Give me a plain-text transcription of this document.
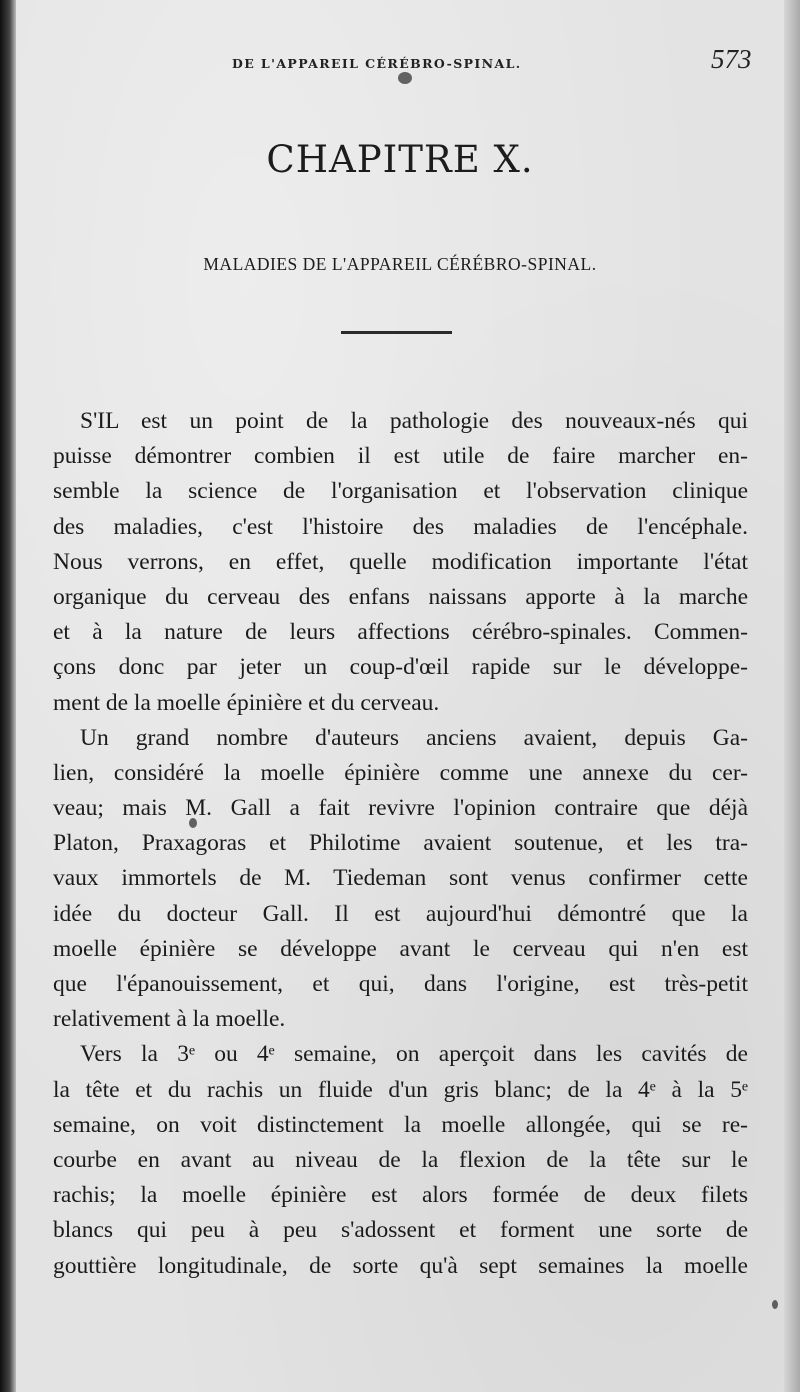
DE L'APPAREIL CÉRÉBRO-SPINAL.	573
CHAPITRE X.
MALADIES DE L'APPAREIL CÉRÉBRO-SPINAL.
S'IL est un point de la pathologie des nouveaux-nés qui
puisse démontrer combien il est utile de faire marcher en-
semble la science de l'organisation et l'observation clinique
des maladies, c'est l'histoire des maladies de l'encéphale.
Nous verrons, en effet, quelle modification importante l'état
organique du cerveau des enfans naissans apporte à la marche
et à la nature de leurs affections cérébro-spinales. Commen-
çons donc par jeter un coup-d'œil rapide sur le développe-
ment de la moelle épinière et du cerveau.
Un grand nombre d'auteurs anciens avaient, depuis Ga-
lien, considéré la moelle épinière comme une annexe du cer-
veau; mais M. Gall a fait revivre l'opinion contraire que déjà
Platon, Praxagoras et Philotime avaient soutenue, et les tra-
vaux immortels de M. Tiedeman sont venus confirmer cette
idée du docteur Gall. Il est aujourd'hui démontré que la
moelle épinière se développe avant le cerveau qui n'en est
que l'épanouissement, et qui, dans l'origine, est très-petit
relativement à la moelle.
Vers la 3ᵉ ou 4ᵉ semaine, on aperçoit dans les cavités de
la tête et du rachis un fluide d'un gris blanc; de la 4ᵉ à la 5ᵉ
semaine, on voit distinctement la moelle allongée, qui se re-
courbe en avant au niveau de la flexion de la tête sur le
rachis; la moelle épinière est alors formée de deux filets
blancs qui peu à peu s'adossent et forment une sorte de
gouttière longitudinale, de sorte qu'à sept semaines la moelle
